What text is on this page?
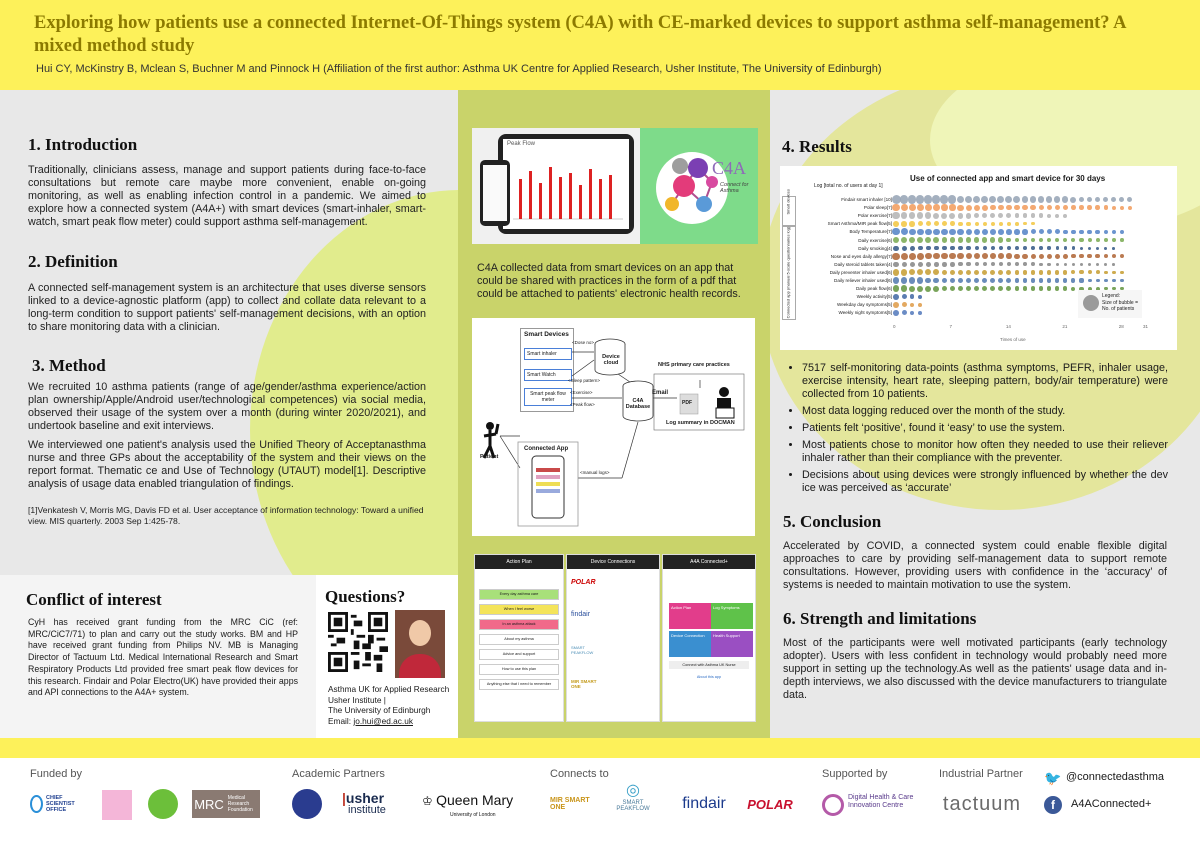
Exploring how patients use a connected Internet-Of-Things system (C4A) with CE-marked devices to support asthma self-management? A mixed method study
Hui CY, McKinstry B, Mclean S, Buchner M and Pinnock H (Affiliation of the first author: Asthma UK Centre for Applied Research, Usher Institute, The University of Edinburgh)
1. Introduction
Traditionally, clinicians assess, manage and support patients during face-to-face consultations but remote care maybe more convenient, enable on-going monitoring, as well as enabling infection control in a pandemic. We aimed to explore how a connected system (A4A+) with smart devices (smart-inhaler, smart-watch, smart peak flow meter) could support asthma self-management.
2. Definition
A connected self-management system is an architecture that uses diverse sensors linked to a device-agnostic platform (app) to collect and collate data relevant to a long-term condition to support patients' self-management decisions, with an option to share monitoring data with a clinician.
3. Method
We recruited 10 asthma patients (range of age/gender/asthma experience/action plan ownership/Apple/Android user/technological competences) via social media, observed their usage of the system over a month (during winter 2020/2021), and undertook baseline and exit interviews.
We interviewed one patient's analysis used the Unified Theory of Acceptanasthma nurse and three GPs about the acceptability of the system and their views on the report format. Thematic ce and Use of Technology (UTAUT) model[1]. Descriptive analysis of usage data enabled triangulation of findings.
[1]Venkatesh V, Morris MG, Davis FD et al. User acceptance of information technology: Toward a unified view. MIS quarterly. 2003 Sep 1:425-78.
Conflict of interest
CyH has received grant funding from the MRC CiC (ref: MRC/CiC7/71) to plan and carry out the study works. BM and HP have received grant funding from Philips NV. MB is Managing Director of Tactuum Ltd. Medical International Research and Smart Respiratory Products Ltd provided free smart peak flow devices for this research. Findair and Polar Electro(UK) have provided their apps and API connections to the A4A+ system.
Questions?
Asthma UK for Applied Research
Usher Institute |
The University of Edinburgh
Email: jo.hui@ed.ac.uk
Peak Flow
C4A
Connect for Asthma
C4A collected data from smart devices on an app that could be shared with practices in the form of a pdf that could be attached to patients' electronic health records.
Smart Devices
Smart inhaler
Smart Watch
Smart peak flow meter
<Dose no>
Device cloud
<Sleep pattern>
<Exercise>
<Peak flow>
C4A Database
Email
NHS primary care practices
PDF
Log summary in DOCMAN
Patient
Connected App
<manual logs>
Action Plan
Every day asthma care
When I feel worse
In an asthma attack
About my asthma
Advice and support
How to use this plan
Anything else that I need to remember
Device Connections
POLAR
findair
SMART PEAKFLOW
MIR SMART ONE
A4A Connected+
Action Plan	Log Symptoms
Device Connection	Health Support
Connect with Asthma UK Nurse
About this app
4. Results
Use of connected app and smart device for 30 days
Log [total no. of users at day 1]
Smart devices
Connected app (manual 5-scale questionnaires log)
Findair smart inhaler [10]
Polar sleep[7]
Polar exercise[7]
Smart Asthma/MIR peak flow[5]
Body Temperature[7]
Daily exercise[6]
Daily smoking[4]
Nose and eyes daily allergy[7]
Daily steroid tablets taken[4]
Daily preventer inhaler used[6]
Daily reliever inhaler used[6]
Daily peak flow[6]
Weekly activity[5]
Weekday day symptoms[5]
Weekly night symptoms[5]
0	7	14	21	28	31
Times of use
Legend:
Size of bubble =
No. of patients
• 7517 self-monitoring data-points (asthma symptoms, PEFR, inhaler usage, exercise intensity, heart rate, sleeping pattern, body/air temperature) were collected from 10 patients.
• Most data logging reduced over the month of the study.
• Patients felt ‘positive’, found it ‘easy’ to use the system.
• Most patients chose to monitor how often they needed to use their reliever inhaler rather than their compliance with the preventer.
• Decisions about using devices were strongly influenced by whether the dev ice was perceived as ‘accurate’
5. Conclusion
Accelerated by COVID, a connected system could enable flexible digital approaches to care by providing self-management data to support remote consultations. However, providing users with confidence in the ‘accuracy’ of systems is needed to maintain motivation to use the system.
6. Strength and limitations
Most of the participants were well motivated participants (early technology adopter). Users with less confident in technology would probably need more support in setting up the technology.As well as the patients' usage data and in-depth interviews, we also discussed with the device manufacturers to triangulate data.
Funded by	Academic Partners	Connects to	Supported by	Industrial Partner
CHIEF SCIENTIST OFFICE	MRC Medical Research Foundation
|usher
institute
♔ Queen Mary
University of London
MIR SMART ONE
◎
SMART PEAKFLOW	findair	POLAR	Digital Health & Care Innovation Centre	tactuum
🐦 @connectedasthma
f	A4AConnected+
